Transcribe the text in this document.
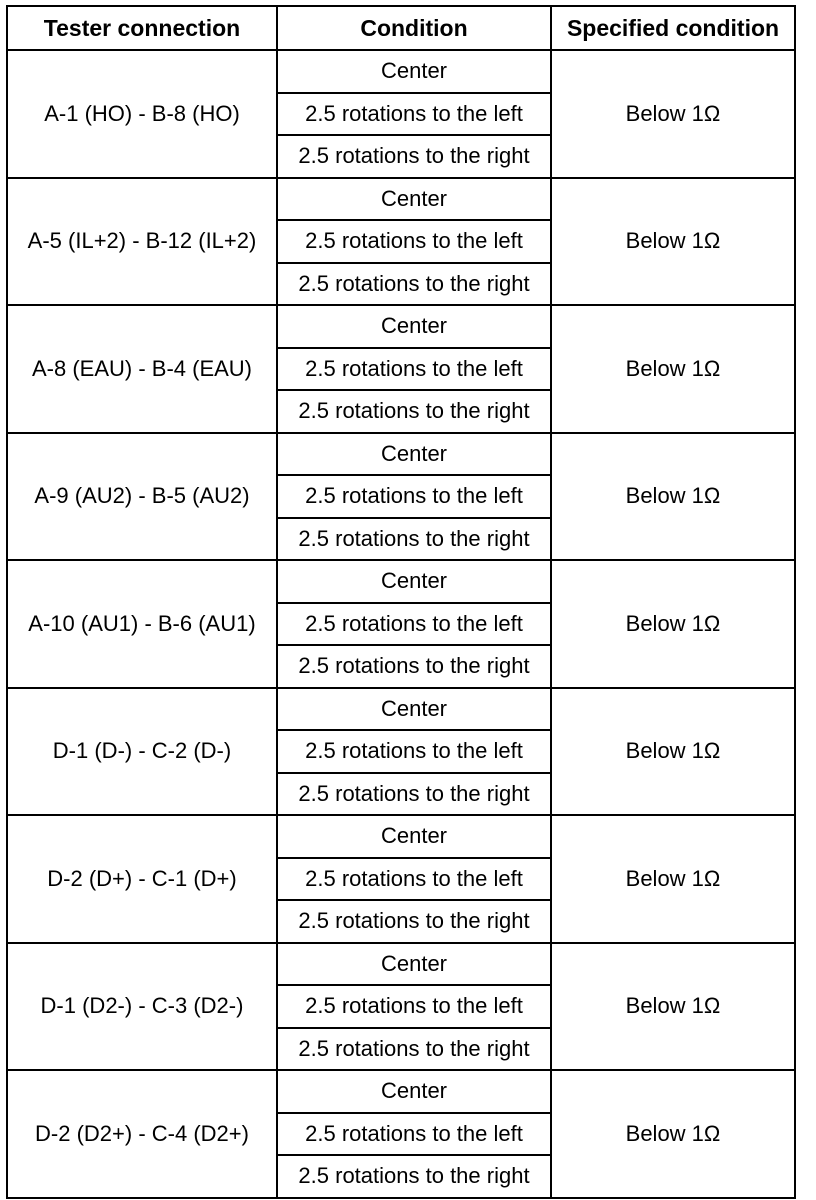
Tester connection	Condition	Specified condition
A-1 (HO) - B-8 (HO)	Center	Below 1Ω
	2.5 rotations to the left	
	2.5 rotations to the right	
A-5 (IL+2) - B-12 (IL+2)	Center	Below 1Ω
	2.5 rotations to the left	
	2.5 rotations to the right	
A-8 (EAU) - B-4 (EAU)	Center	Below 1Ω
	2.5 rotations to the left	
	2.5 rotations to the right	
A-9 (AU2) - B-5 (AU2)	Center	Below 1Ω
	2.5 rotations to the left	
	2.5 rotations to the right	
A-10 (AU1) - B-6 (AU1)	Center	Below 1Ω
	2.5 rotations to the left	
	2.5 rotations to the right	
D-1 (D-) - C-2 (D-)	Center	Below 1Ω
	2.5 rotations to the left	
	2.5 rotations to the right	
D-2 (D+) - C-1 (D+)	Center	Below 1Ω
	2.5 rotations to the left	
	2.5 rotations to the right	
D-1 (D2-) - C-3 (D2-)	Center	Below 1Ω
	2.5 rotations to the left	
	2.5 rotations to the right	
D-2 (D2+) - C-4 (D2+)	Center	Below 1Ω
	2.5 rotations to the left	
	2.5 rotations to the right	
